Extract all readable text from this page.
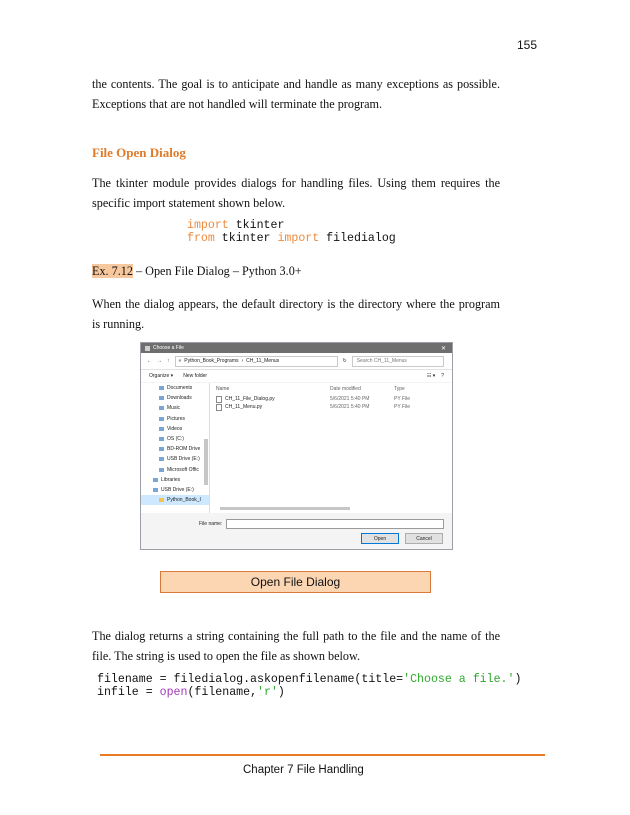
155

the contents. The goal is to anticipate and handle as many exceptions as possible. Exceptions that are not handled will terminate the program.

File Open Dialog

The tkinter module provides dialogs for handling files. Using them requires the specific import statement shown below.

import tkinter
from tkinter import filedialog
Ex. 7.12 – Open File Dialog – Python 3.0+

When the dialog appears, the default directory is the directory where the program is running.

Choose a File	✕
← → ↑ « Python_Book_Programs › CH_11_Menus	↻	Search CH_11_Menus
Organize ▾ New folder	☷ ▾ ?
Documents
Downloads
Music
Pictures
Videos
OS (C:)
BD-ROM Drive
USB Drive (E:)
Microsoft Offic
Libraries
USB Drive (E:)
Python_Book_I
Name	Date modified	Type
CH_11_File_Dialog.py	5/6/2021 5:40 PM	PY File
CH_11_Menu.py	5/6/2021 5:40 PM	PY File
File name:
Open	Cancel
Open File Dialog

The dialog returns a string containing the full path to the file and the name of the file. The string is used to open the file as shown below.

filename = filedialog.askopenfilename(title='Choose a file.')
infile = open(filename,'r')
Chapter 7 File Handling
